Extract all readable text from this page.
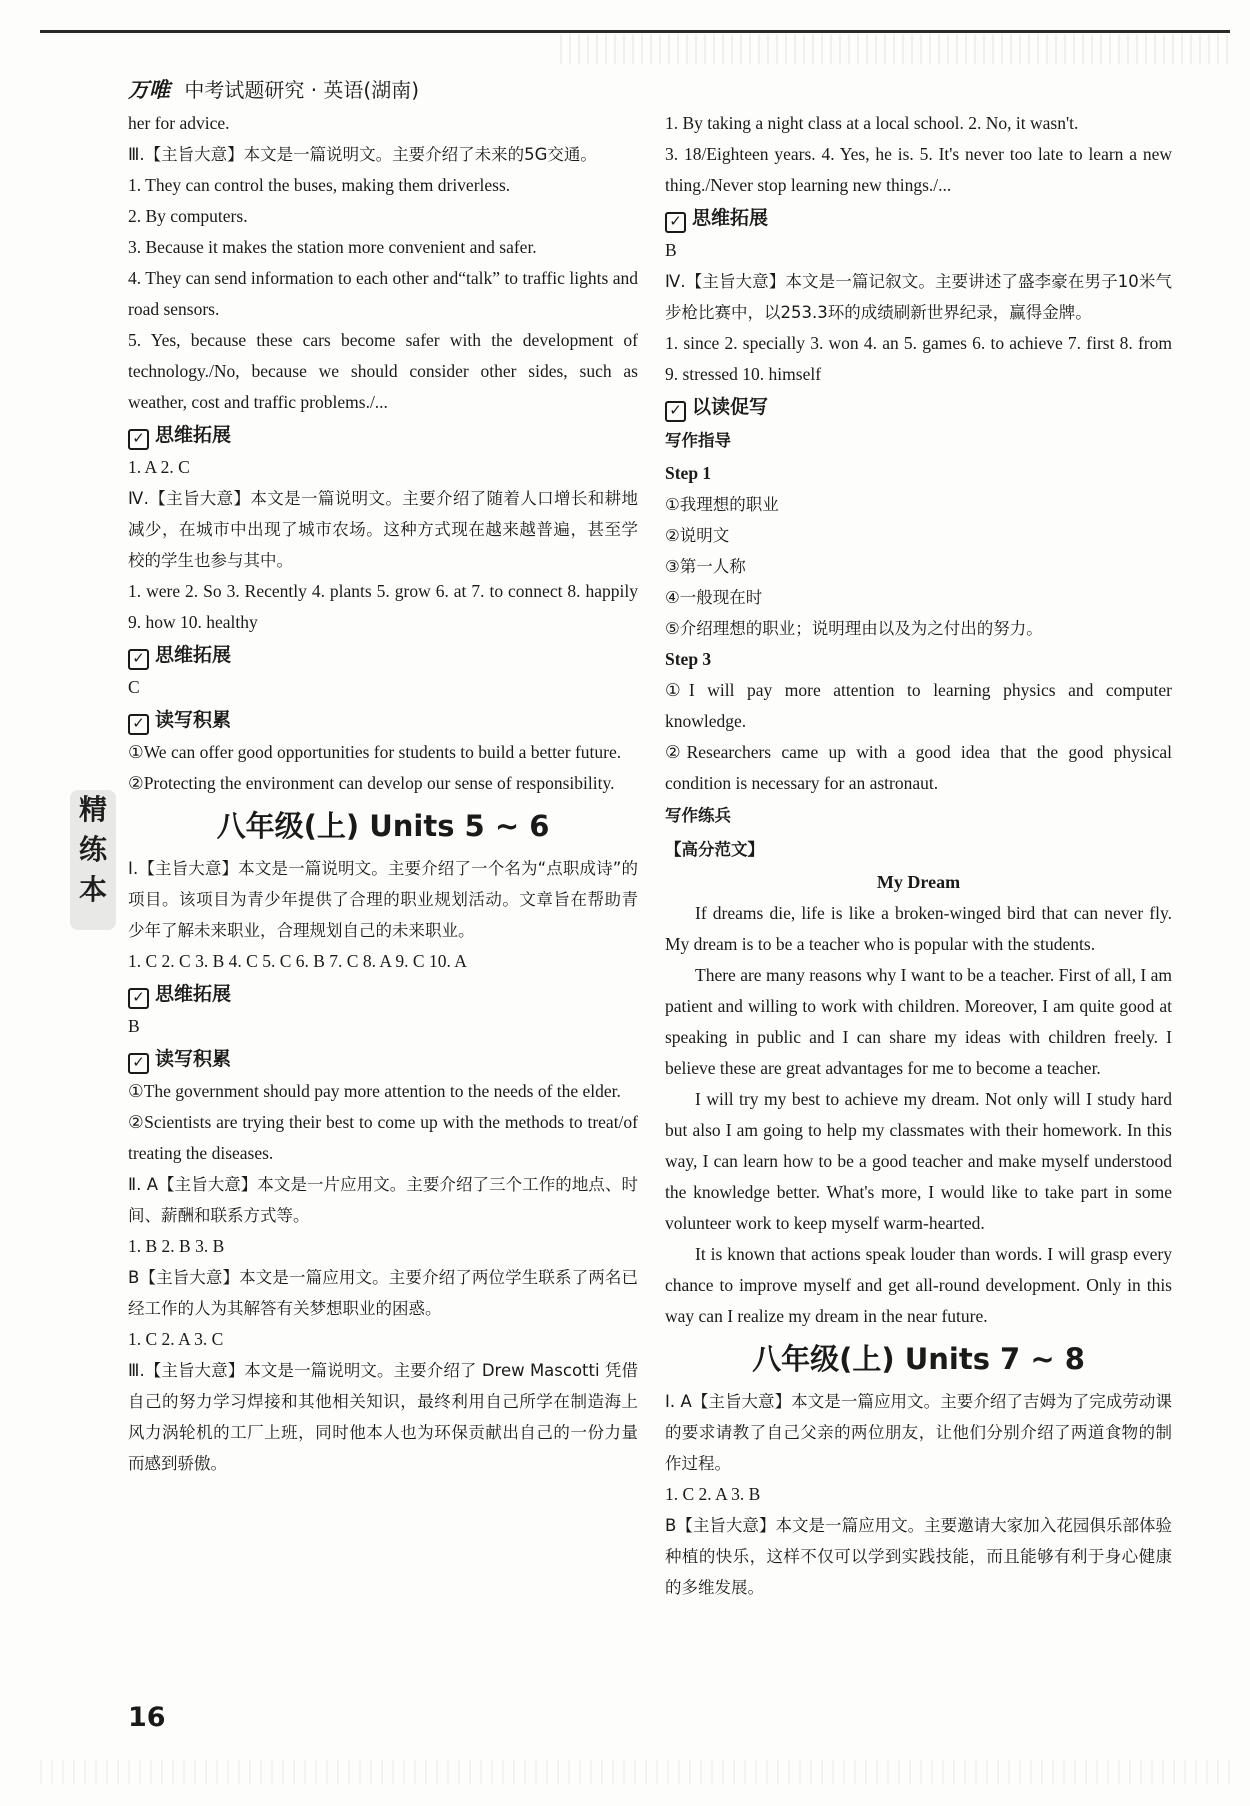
万唯 中考试题研究 · 英语(湖南)
精
练
本

her for advice.

Ⅲ.【主旨大意】本文是一篇说明文。主要介绍了未来的5G交通。

1. They can control the buses, making them driverless.

2. By computers.

3. Because it makes the station more convenient and safer.

4. They can send information to each other and“talk” to traffic lights and road sensors.

5. Yes, because these cars become safer with the development of technology./No, because we should consider other sides, such as weather, cost and traffic problems./...

✓ 思维拓展

1. A 2. C

Ⅳ.【主旨大意】本文是一篇说明文。主要介绍了随着人口增长和耕地减少，在城市中出现了城市农场。这种方式现在越来越普遍，甚至学校的学生也参与其中。

1. were 2. So 3. Recently 4. plants 5. grow 6. at 7. to connect 8. happily 9. how 10. healthy

✓ 思维拓展

C

✓ 读写积累

①We can offer good opportunities for students to build a better future.

②Protecting the environment can develop our sense of responsibility.

八年级(上) Units 5 ~ 6

Ⅰ.【主旨大意】本文是一篇说明文。主要介绍了一个名为“点职成诗”的项目。该项目为青少年提供了合理的职业规划活动。文章旨在帮助青少年了解未来职业，合理规划自己的未来职业。

1. C 2. C 3. B 4. C 5. C 6. B 7. C 8. A 9. C 10. A

✓ 思维拓展

B

✓ 读写积累

①The government should pay more attention to the needs of the elder.

②Scientists are trying their best to come up with the methods to treat/of treating the diseases.

Ⅱ. A【主旨大意】本文是一片应用文。主要介绍了三个工作的地点、时间、薪酬和联系方式等。

1. B 2. B 3. B

B【主旨大意】本文是一篇应用文。主要介绍了两位学生联系了两名已经工作的人为其解答有关梦想职业的困惑。

1. C 2. A 3. C

Ⅲ.【主旨大意】本文是一篇说明文。主要介绍了 Drew Mascotti 凭借自己的努力学习焊接和其他相关知识，最终利用自己所学在制造海上风力涡轮机的工厂上班，同时他本人也为环保贡献出自己的一份力量而感到骄傲。

1. By taking a night class at a local school. 2. No, it wasn't.

3. 18/Eighteen years. 4. Yes, he is. 5. It's never too late to learn a new thing./Never stop learning new things./...

✓ 思维拓展

B

Ⅳ.【主旨大意】本文是一篇记叙文。主要讲述了盛李豪在男子10米气步枪比赛中，以253.3环的成绩刷新世界纪录，赢得金牌。

1. since 2. specially 3. won 4. an 5. games 6. to achieve 7. first 8. from 9. stressed 10. himself

✓ 以读促写

写作指导

Step 1

①我理想的职业

②说明文

③第一人称

④一般现在时

⑤介绍理想的职业；说明理由以及为之付出的努力。

Step 3

①I will pay more attention to learning physics and computer knowledge.

②Researchers came up with a good idea that the good physical condition is necessary for an astronaut.

写作练兵

【高分范文】

My Dream

If dreams die, life is like a broken-winged bird that can never fly. My dream is to be a teacher who is popular with the students.

There are many reasons why I want to be a teacher. First of all, I am patient and willing to work with children. Moreover, I am quite good at speaking in public and I can share my ideas with children freely. I believe these are great advantages for me to become a teacher.

I will try my best to achieve my dream. Not only will I study hard but also I am going to help my classmates with their homework. In this way, I can learn how to be a good teacher and make myself understood the knowledge better. What's more, I would like to take part in some volunteer work to keep myself warm-hearted.

It is known that actions speak louder than words. I will grasp every chance to improve myself and get all-round development. Only in this way can I realize my dream in the near future.

八年级(上) Units 7 ~ 8

Ⅰ. A【主旨大意】本文是一篇应用文。主要介绍了吉姆为了完成劳动课的要求请教了自己父亲的两位朋友，让他们分别介绍了两道食物的制作过程。

1. C 2. A 3. B

B【主旨大意】本文是一篇应用文。主要邀请大家加入花园俱乐部体验种植的快乐，这样不仅可以学到实践技能，而且能够有利于身心健康的多维发展。

16
